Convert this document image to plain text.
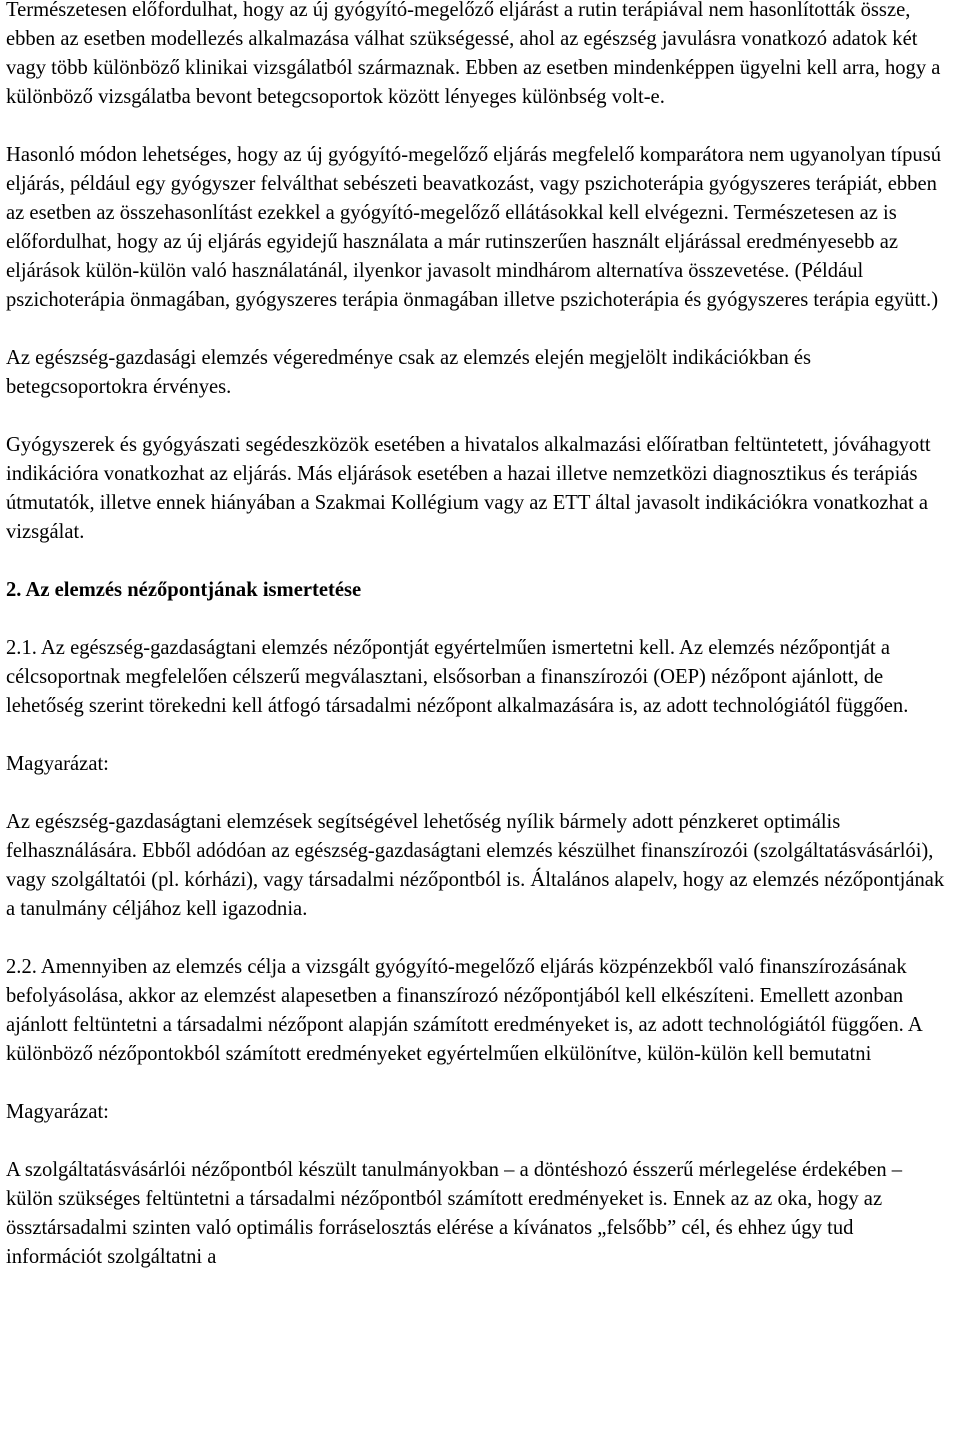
Természetesen előfordulhat, hogy az új gyógyító-megelőző eljárást a rutin terápiával nem hasonlították össze, ebben az esetben modellezés alkalmazása válhat szükségessé, ahol az egészség javulásra vonatkozó adatok két vagy több különböző klinikai vizsgálatból származnak. Ebben az esetben mindenképpen ügyelni kell arra, hogy a különböző vizsgálatba bevont betegcsoportok között lényeges különbség volt-e.

Hasonló módon lehetséges, hogy az új gyógyító-megelőző eljárás megfelelő komparátora nem ugyanolyan típusú eljárás, például egy gyógyszer felválthat sebészeti beavatkozást, vagy pszichoterápia gyógyszeres terápiát, ebben az esetben az összehasonlítást ezekkel a gyógyító-megelőző ellátásokkal kell elvégezni. Természetesen az is előfordulhat, hogy az új eljárás egyidejű használata a már rutinszerűen használt eljárással eredményesebb az eljárások külön-külön való használatánál, ilyenkor javasolt mindhárom alternatíva összevetése. (Például pszichoterápia önmagában, gyógyszeres terápia önmagában illetve pszichoterápia és gyógyszeres terápia együtt.)

Az egészség-gazdasági elemzés végeredménye csak az elemzés elején megjelölt indikációkban és betegcsoportokra érvényes.

Gyógyszerek és gyógyászati segédeszközök esetében a hivatalos alkalmazási előíratban feltüntetett, jóváhagyott indikációra vonatkozhat az eljárás. Más eljárások esetében a hazai illetve nemzetközi diagnosztikus és terápiás útmutatók, illetve ennek hiányában a Szakmai Kollégium vagy az ETT által javasolt indikációkra vonatkozhat a vizsgálat.

2. Az elemzés nézőpontjának ismertetése

2.1. Az egészség-gazdaságtani elemzés nézőpontját egyértelműen ismertetni kell. Az elemzés nézőpontját a célcsoportnak megfelelően célszerű megválasztani, elsősorban a finanszírozói (OEP) nézőpont ajánlott, de lehetőség szerint törekedni kell átfogó társadalmi nézőpont alkalmazására is, az adott technológiától függően.

Magyarázat:

Az egészség-gazdaságtani elemzések segítségével lehetőség nyílik bármely adott pénzkeret optimális felhasználására. Ebből adódóan az egészség-gazdaságtani elemzés készülhet finanszírozói (szolgáltatásvásárlói), vagy szolgáltatói (pl. kórházi), vagy társadalmi nézőpontból is. Általános alapelv, hogy az elemzés nézőpontjának a tanulmány céljához kell igazodnia.

2.2. Amennyiben az elemzés célja a vizsgált gyógyító-megelőző eljárás közpénzekből való finanszírozásának befolyásolása, akkor az elemzést alapesetben a finanszírozó nézőpontjából kell elkészíteni. Emellett azonban ajánlott feltüntetni a társadalmi nézőpont alapján számított eredményeket is, az adott technológiától függően. A különböző nézőpontokból számított eredményeket egyértelműen elkülönítve, külön-külön kell bemutatni

Magyarázat:

A szolgáltatásvásárlói nézőpontból készült tanulmányokban – a döntéshozó ésszerű mérlegelése érdekében – külön szükséges feltüntetni a társadalmi nézőpontból számított eredményeket is. Ennek az az oka, hogy az össztársadalmi szinten való optimális forráselosztás elérése a kívánatos „felsőbb” cél, és ehhez úgy tud információt szolgáltatni a
